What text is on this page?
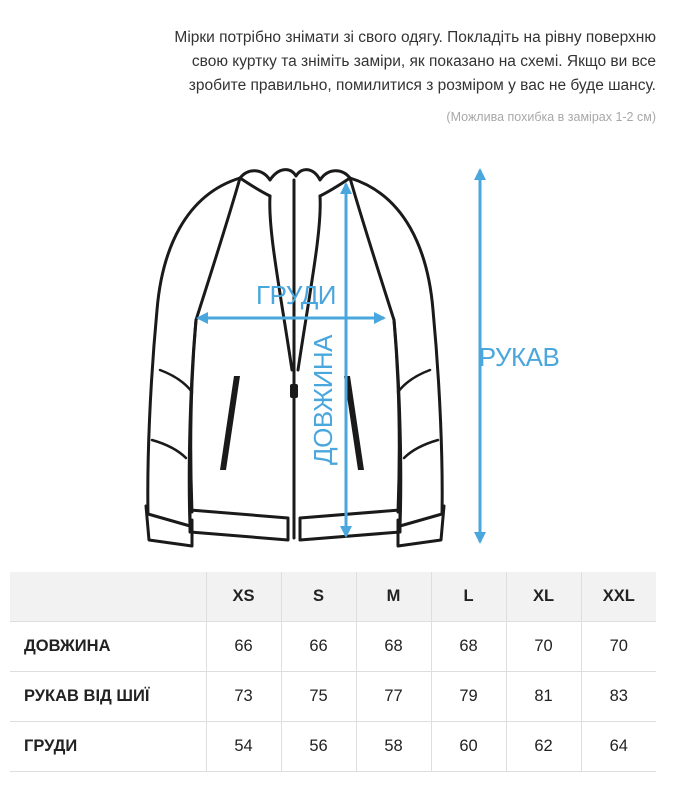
Мірки потрібно знімати зі свого одягу. Покладіть на рівну поверхню
свою куртку та зніміть заміри, як показано на схемі. Якщо ви все
зробите правильно, помилитися з розміром у вас не буде шансу.

(Можлива похибка в замірах 1-2 см)

ГРУДИ
ДОВЖИНА	РУКАВ
	XS	S	M	L	XL	XXL
ДОВЖИНА	66	66	68	68	70	70
РУКАВ ВІД ШИЇ	73	75	77	79	81	83
ГРУДИ	54	56	58	60	62	64
